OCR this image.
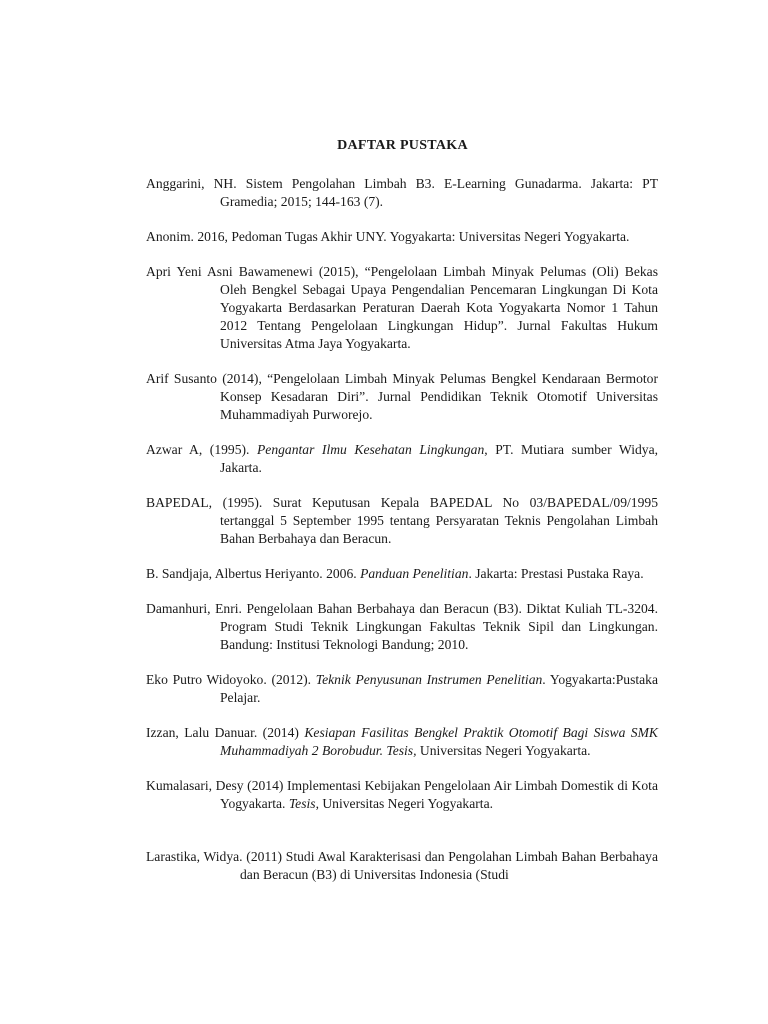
DAFTAR PUSTAKA

Anggarini, NH. Sistem Pengolahan Limbah B3. E-Learning Gunadarma. Jakarta: PT Gramedia; 2015; 144-163 (7).

Anonim. 2016, Pedoman Tugas Akhir UNY. Yogyakarta: Universitas Negeri Yogyakarta.

Apri Yeni Asni Bawamenewi (2015), “Pengelolaan Limbah Minyak Pelumas (Oli) Bekas Oleh Bengkel Sebagai Upaya Pengendalian Pencemaran Lingkungan Di Kota Yogyakarta Berdasarkan Peraturan Daerah Kota Yogyakarta Nomor 1 Tahun 2012 Tentang Pengelolaan Lingkungan Hidup”. Jurnal Fakultas Hukum Universitas Atma Jaya Yogyakarta.

Arif Susanto (2014), “Pengelolaan Limbah Minyak Pelumas Bengkel Kendaraan Bermotor Konsep Kesadaran Diri”. Jurnal Pendidikan Teknik Otomotif Universitas Muhammadiyah Purworejo.

Azwar A, (1995). Pengantar Ilmu Kesehatan Lingkungan, PT. Mutiara sumber Widya, Jakarta.

BAPEDAL, (1995). Surat Keputusan Kepala BAPEDAL No 03/BAPEDAL/09/1995 tertanggal 5 September 1995 tentang Persyaratan Teknis Pengolahan Limbah Bahan Berbahaya dan Beracun.

B. Sandjaja, Albertus Heriyanto. 2006. Panduan Penelitian. Jakarta: Prestasi Pustaka Raya.

Damanhuri, Enri. Pengelolaan Bahan Berbahaya dan Beracun (B3). Diktat Kuliah TL-3204. Program Studi Teknik Lingkungan Fakultas Teknik Sipil dan Lingkungan. Bandung: Institusi Teknologi Bandung; 2010.

Eko Putro Widoyoko. (2012). Teknik Penyusunan Instrumen Penelitian. Yogyakarta:Pustaka Pelajar.

Izzan, Lalu Danuar. (2014) Kesiapan Fasilitas Bengkel Praktik Otomotif Bagi Siswa SMK Muhammadiyah 2 Borobudur. Tesis, Universitas Negeri Yogyakarta.

Kumalasari, Desy (2014) Implementasi Kebijakan Pengelolaan Air Limbah Domestik di Kota Yogyakarta. Tesis, Universitas Negeri Yogyakarta.

Larastika, Widya. (2011) Studi Awal Karakterisasi dan Pengolahan Limbah Bahan Berbahaya dan Beracun (B3) di Universitas Indonesia (Studi
